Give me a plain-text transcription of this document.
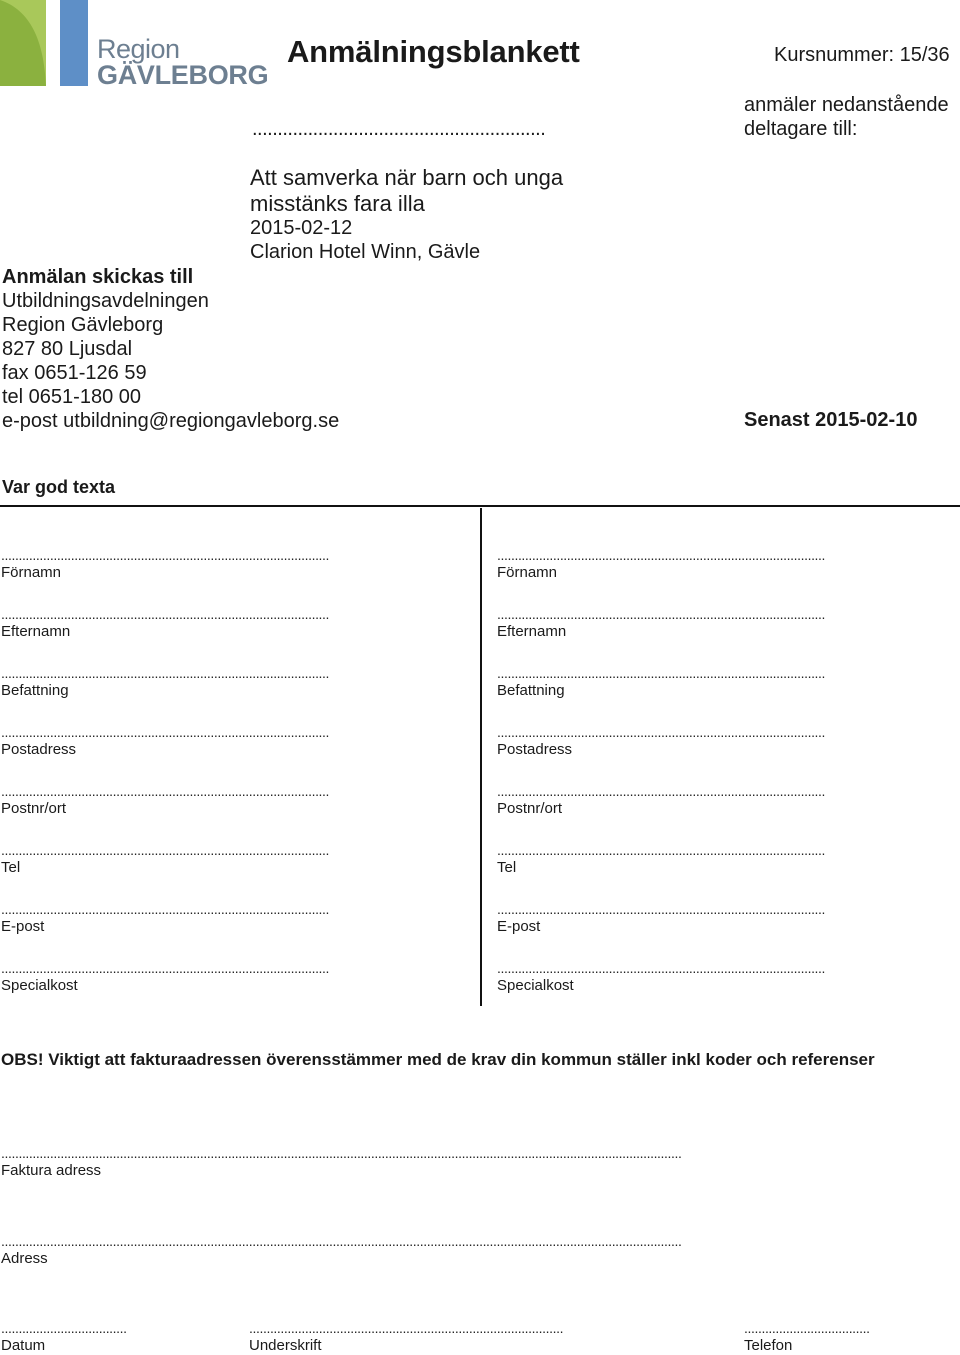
Region
GÄVLEBORG
Anmälningsblankett	Kursnummer: 15/36
..........................................................
anmäler nedanstående deltagare till:
Att samverka när barn och unga misstänks fara illa
2015-02-12
Clarion Hotel Winn, Gävle
Anmälan skickas till
Utbildningsavdelningen
Region Gävleborg
827 80 Ljusdal
fax 0651-126 59
tel 0651-180 00
e-post utbildning@regiongavleborg.se	Senast 2015-02-10
Var god texta
..............................................................................................
Förnamn
..............................................................................................
Efternamn
..............................................................................................
Befattning
..............................................................................................
Postadress
..............................................................................................
Postnr/ort
..............................................................................................
Tel
..............................................................................................
E-post
..............................................................................................
Specialkost
..............................................................................................
Förnamn
..............................................................................................
Efternamn
..............................................................................................
Befattning
..............................................................................................
Postadress
..............................................................................................
Postnr/ort
..............................................................................................
Tel
..............................................................................................
E-post
..............................................................................................
Specialkost
OBS! Viktigt att fakturaadressen överensstämmer med de krav din kommun ställer inkl koder och referenser
...................................................................................................................................................................................................
Faktura adress
...................................................................................................................................................................................................
Adress
....................................
Datum
..........................................................................................
Underskrift
....................................
Telefon
